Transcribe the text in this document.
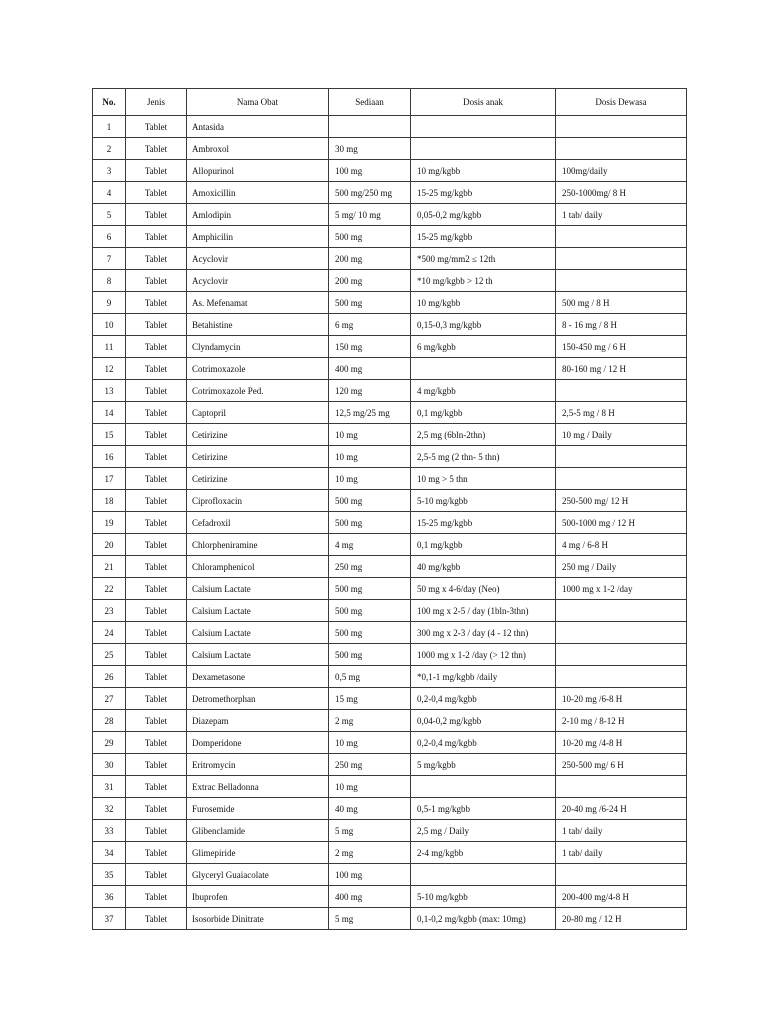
No.	Jenis	Nama Obat	Sediaan	Dosis anak	Dosis Dewasa
1	Tablet	Antasida			
2	Tablet	Ambroxol	30 mg		
3	Tablet	Allopurinol	100 mg	10 mg/kgbb	100mg/daily
4	Tablet	Amoxicillin	500 mg/250 mg	15-25 mg/kgbb	250-1000mg/ 8 H
5	Tablet	Amlodipin	5 mg/ 10 mg	0,05-0,2 mg/kgbb	1 tab/ daily
6	Tablet	Amphicilin	500 mg	15-25 mg/kgbb	
7	Tablet	Acyclovir	200 mg	*500 mg/mm2 ≤ 12th	
8	Tablet	Acyclovir	200 mg	*10 mg/kgbb > 12 th	
9	Tablet	As. Mefenamat	500 mg	10 mg/kgbb	500 mg / 8 H
10	Tablet	Betahistine	6 mg	0,15-0,3 mg/kgbb	8 - 16 mg / 8 H
11	Tablet	Clyndamycin	150 mg	6 mg/kgbb	150-450 mg / 6 H
12	Tablet	Cotrimoxazole	400 mg		80-160 mg / 12 H
13	Tablet	Cotrimoxazole Ped.	120 mg	4 mg/kgbb	
14	Tablet	Captopril	12,5 mg/25 mg	0,1 mg/kgbb	2,5-5 mg / 8 H
15	Tablet	Cetirizine	10 mg	2,5 mg (6bln-2thn)	10 mg / Daily
16	Tablet	Cetirizine	10 mg	2,5-5 mg (2 thn- 5 thn)	
17	Tablet	Cetirizine	10 mg	10 mg > 5 thn	
18	Tablet	Ciprofloxacin	500 mg	5-10 mg/kgbb	250-500 mg/ 12 H
19	Tablet	Cefadroxil	500 mg	15-25 mg/kgbb	500-1000 mg / 12 H
20	Tablet	Chlorpheniramine	4 mg	0,1 mg/kgbb	4 mg / 6-8 H
21	Tablet	Chloramphenicol	250 mg	40 mg/kgbb	250 mg / Daily
22	Tablet	Calsium Lactate	500 mg	50 mg x 4-6/day (Neo)	1000 mg x 1-2 /day
23	Tablet	Calsium Lactate	500 mg	100 mg x 2-5 / day (1bln-3thn)	
24	Tablet	Calsium Lactate	500 mg	300 mg x 2-3 / day (4 - 12 thn)	
25	Tablet	Calsium Lactate	500 mg	1000 mg x 1-2 /day (> 12 thn)	
26	Tablet	Dexametasone	0,5 mg	*0,1-1 mg/kgbb /daily	
27	Tablet	Detromethorphan	15 mg	0,2-0,4 mg/kgbb	10-20 mg /6-8 H
28	Tablet	Diazepam	2 mg	0,04-0,2 mg/kgbb	2-10 mg / 8-12 H
29	Tablet	Domperidone	10 mg	0,2-0,4 mg/kgbb	10-20 mg /4-8 H
30	Tablet	Eritromycin	250 mg	5 mg/kgbb	250-500 mg/ 6 H
31	Tablet	Extrac Belladonna	10 mg		
32	Tablet	Furosemide	40 mg	0,5-1 mg/kgbb	20-40 mg /6-24 H
33	Tablet	Glibenclamide	5 mg	2,5 mg / Daily	1 tab/ daily
34	Tablet	Glimepiride	2 mg	2-4 mg/kgbb	1 tab/ daily
35	Tablet	Glyceryl Guaiacolate	100 mg		
36	Tablet	Ibuprofen	400 mg	5-10 mg/kgbb	200-400 mg/4-8 H
37	Tablet	Isosorbide Dinitrate	5 mg	0,1-0,2 mg/kgbb (max: 10mg)	20-80 mg / 12 H
